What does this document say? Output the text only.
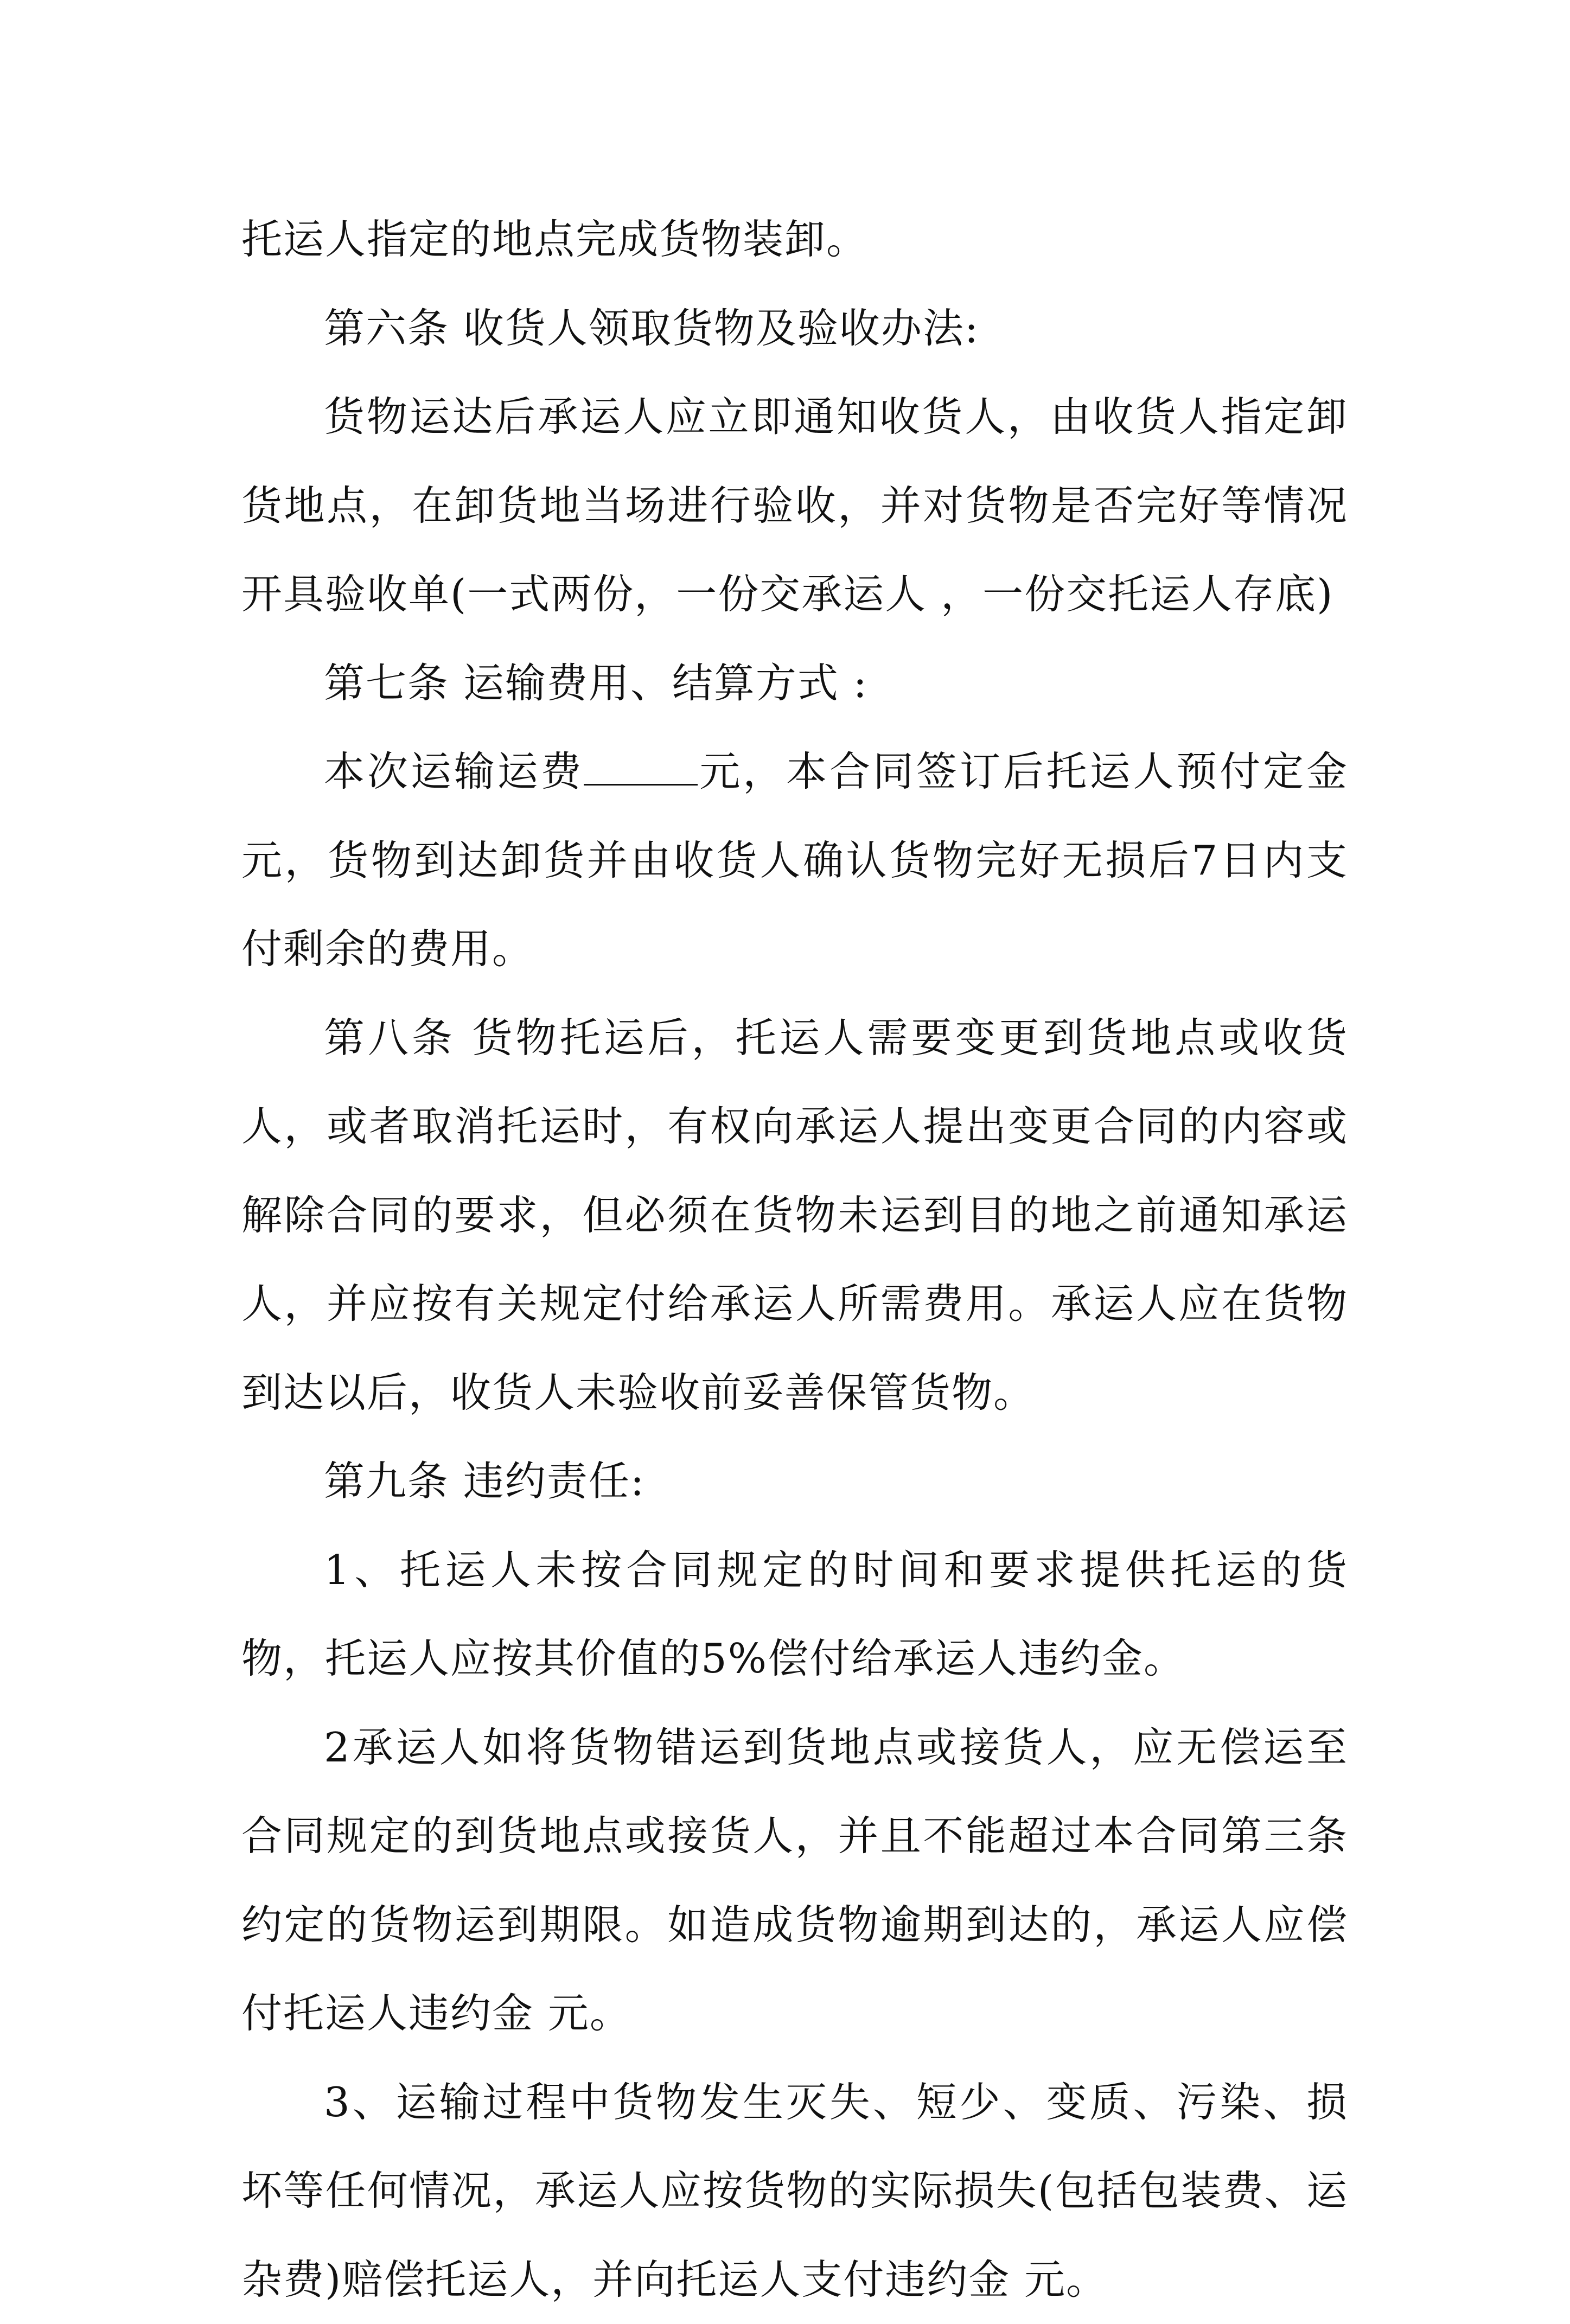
托运人指定的地点完成货物装卸。

第六条 收货人领取货物及验收办法:

货物运达后承运人应立即通知收货人，由收货人指定卸货地点，在卸货地当场进行验收，并对货物是否完好等情况开具验收单(一式两份，一份交承运人 ，一份交托运人存底)

第七条 运输费用、结算方式 :

本次运输运费	元，本合同签订后托运人预付定金元，货物到达卸货并由收货人确认货物完好无损后7日内支付剩余的费用。

第八条 货物托运后，托运人需要变更到货地点或收货人，或者取消托运时，有权向承运人提出变更合同的内容或解除合同的要求，但必须在货物未运到目的地之前通知承运人，并应按有关规定付给承运人所需费用。承运人应在货物到达以后，收货人未验收前妥善保管货物。

第九条 违约责任:

1、托运人未按合同规定的时间和要求提供托运的货物，托运人应按其价值的5%偿付给承运人违约金。

2承运人如将货物错运到货地点或接货人，应无偿运至合同规定的到货地点或接货人，并且不能超过本合同第三条约定的货物运到期限。如造成货物逾期到达的，承运人应偿付托运人违约金 元。

3、运输过程中货物发生灭失、短少、变质、污染、损坏等任何情况，承运人应按货物的实际损失(包括包装费、运杂费)赔偿托运人，并向托运人支付违约金 元。
